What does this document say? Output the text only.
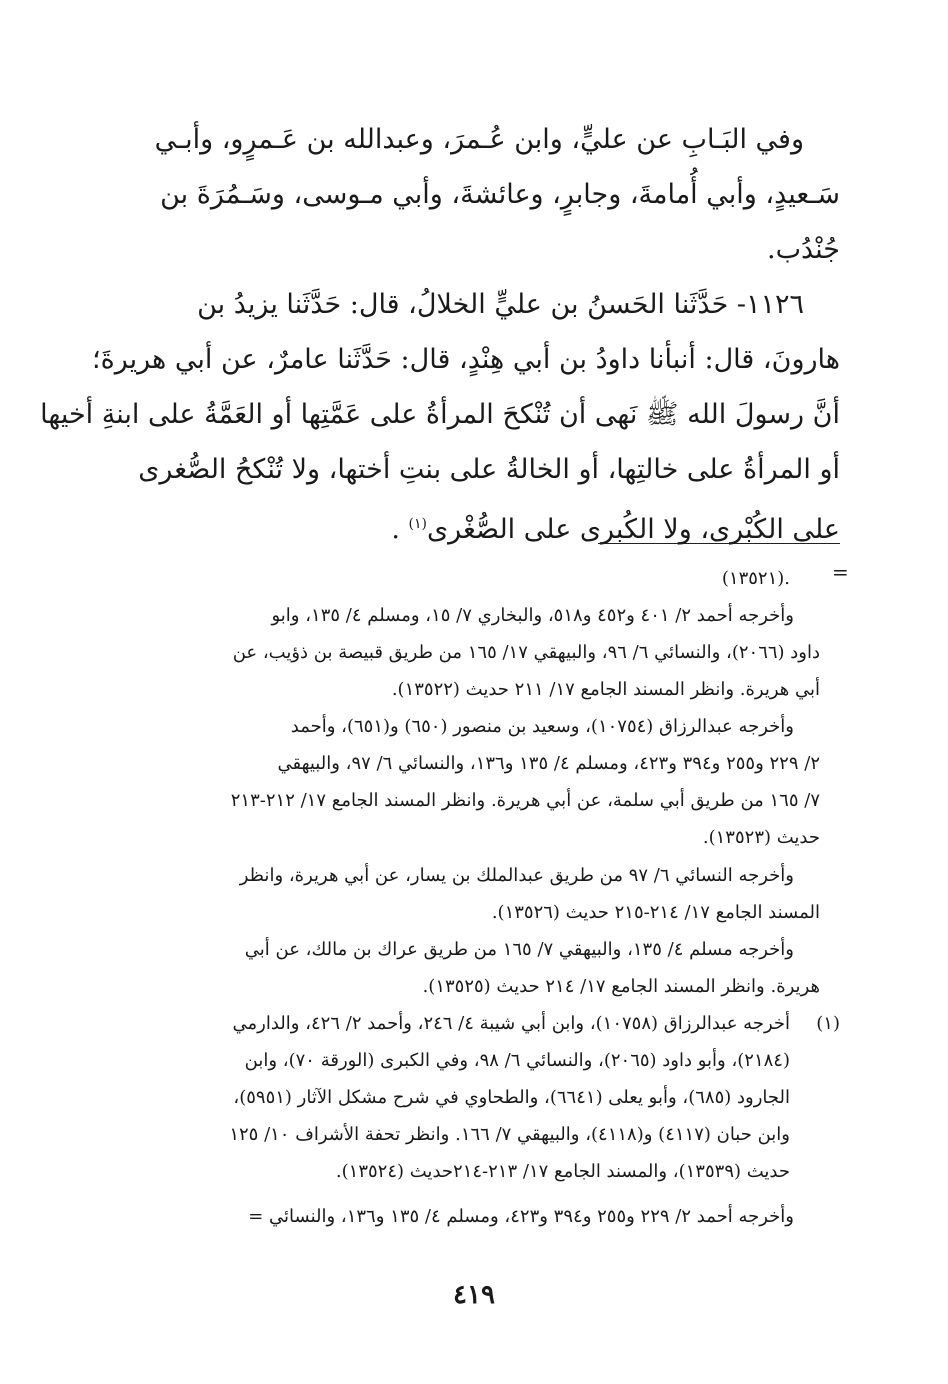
وفي البَـابِ عن عليٍّ، وابن عُـمرَ، وعبدالله بن عَـمرٍو، وأبـي
سَـعيدٍ، وأبي أُمامةَ، وجابرٍ، وعائشةَ، وأبي مـوسى، وسَـمُرَةَ بن
جُنْدُب.
١١٢٦- حَدَّثَنا الحَسنُ بن عليٍّ الخلالُ، قال: حَدَّثَنا يزيدُ بن
هارونَ، قال: أنبأنا داودُ بن أبي هِنْدٍ، قال: حَدَّثَنا عامرٌ، عن أبي هريرةَ؛
أنَّ رسولَ الله ﷺ نَهى أن تُنْكحَ المرأةُ على عَمَّتِها أو العَمَّةُ على ابنةِ أخيها
أو المرأةُ على خالتِها، أو الخالةُ على بنتِ أختها، ولا تُنْكحُ الصُّغرى
على الكُبْرى، ولا الكُبرى على الصُّغْرى$^{(١)}$ .
=
.(١٣٥٢١)
وأخرجه أحمد ٢/ ٤٠١ و٤٥٢ و٥١٨، والبخاري ٧/ ١٥، ومسلم ٤/ ١٣٥، وابو
داود (٢٠٦٦)، والنسائي ٦/ ٩٦، والبيهقي ١٧/ ١٦٥ من طريق قبيصة بن ذؤيب، عن
أبي هريرة. وانظر المسند الجامع ١٧/ ٢١١ حديث (١٣٥٢٢).
وأخرجه عبدالرزاق (١٠٧٥٤)، وسعيد بن منصور (٦٥٠) و(٦٥١)، وأحمد
٢/ ٢٢٩ و٢٥٥ و٣٩٤ و٤٢٣، ومسلم ٤/ ١٣٥ و١٣٦، والنسائي ٦/ ٩٧، والبيهقي
٧/ ١٦٥ من طريق أبي سلمة، عن أبي هريرة. وانظر المسند الجامع ١٧/ ٢١٢-٢١٣
حديث (١٣٥٢٣).
وأخرجه النسائي ٦/ ٩٧ من طريق عبدالملك بن يسار، عن أبي هريرة، وانظر
المسند الجامع ١٧/ ٢١٤-٢١٥ حديث (١٣٥٢٦).
وأخرجه مسلم ٤/ ١٣٥، والبيهقي ٧/ ١٦٥ من طريق عراك بن مالك، عن أبي
هريرة. وانظر المسند الجامع ١٧/ ٢١٤ حديث (١٣٥٢٥).
(١)
أخرجه عبدالرزاق (١٠٧٥٨)، وابن أبي شيبة ٤/ ٢٤٦، وأحمد ٢/ ٤٢٦، والدارمي
(٢١٨٤)، وأبو داود (٢٠٦٥)، والنسائي ٦/ ٩٨، وفي الكبرى (الورقة ٧٠)، وابن
الجارود (٦٨٥)، وأبو يعلى (٦٦٤١)، والطحاوي في شرح مشكل الآثار (٥٩٥١)،
وابن حبان (٤١١٧) و(٤١١٨)، والبيهقي ٧/ ١٦٦. وانظر تحفة الأشراف ١٠/ ١٢٥
حديث (١٣٥٣٩)، والمسند الجامع ١٧/ ٢١٣-٢١٤حديث (١٣٥٢٤).
وأخرجه أحمد ٢/ ٢٢٩ و٢٥٥ و٣٩٤ و٤٢٣، ومسلم ٤/ ١٣٥ و١٣٦، والنسائي =
٤١٩
